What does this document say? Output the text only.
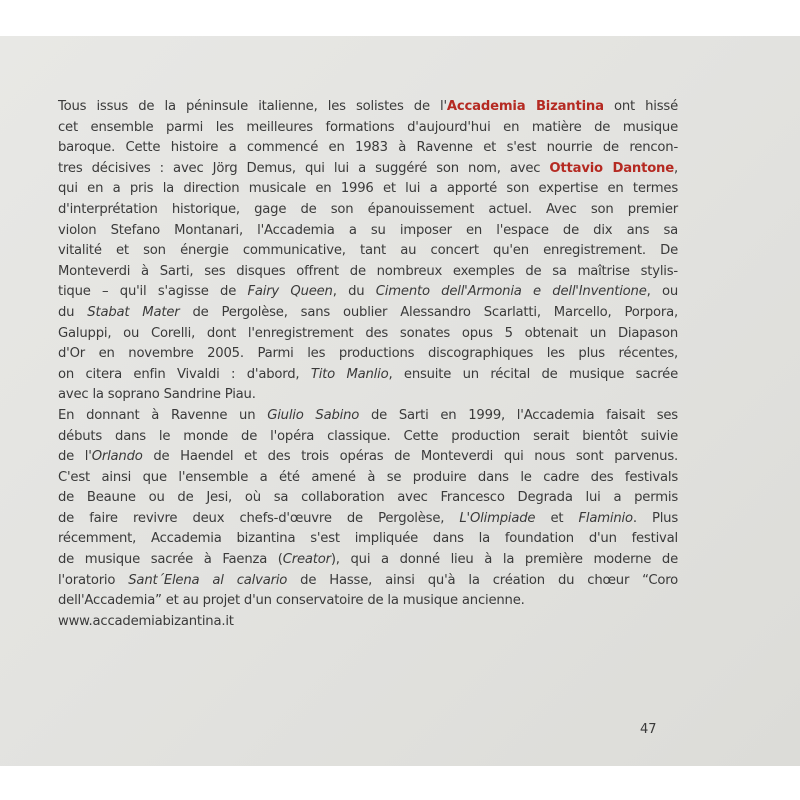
Tous issus de la péninsule italienne, les solistes de l'Accademia Bizantina ont hissé
cet ensemble parmi les meilleures formations d'aujourd'hui en matière de musique
baroque. Cette histoire a commencé en 1983 à Ravenne et s'est nourrie de rencon-
tres décisives : avec Jörg Demus, qui lui a suggéré son nom, avec Ottavio Dantone,
qui en a pris la direction musicale en 1996 et lui a apporté son expertise en termes
d'interprétation historique, gage de son épanouissement actuel. Avec son premier
violon Stefano Montanari, l'Accademia a su imposer en l'espace de dix ans sa
vitalité et son énergie communicative, tant au concert qu'en enregistrement. De
Monteverdi à Sarti, ses disques offrent de nombreux exemples de sa maîtrise stylis-
tique – qu'il s'agisse de Fairy Queen, du Cimento dell'Armonia e dell'Inventione, ou
du Stabat Mater de Pergolèse, sans oublier Alessandro Scarlatti, Marcello, Porpora,
Galuppi, ou Corelli, dont l'enregistrement des sonates opus 5 obtenait un Diapason
d'Or en novembre 2005. Parmi les productions discographiques les plus récentes,
on citera enfin Vivaldi : d'abord, Tito Manlio, ensuite un récital de musique sacrée
avec la soprano Sandrine Piau.
En donnant à Ravenne un Giulio Sabino de Sarti en 1999, l'Accademia faisait ses
débuts dans le monde de l'opéra classique. Cette production serait bientôt suivie
de l'Orlando de Haendel et des trois opéras de Monteverdi qui nous sont parvenus.
C'est ainsi que l'ensemble a été amené à se produire dans le cadre des festivals
de Beaune ou de Jesi, où sa collaboration avec Francesco Degrada lui a permis
de faire revivre deux chefs-d'œuvre de Pergolèse, L'Olimpiade et Flaminio. Plus
récemment, Accademia bizantina s'est impliquée dans la foundation d'un festival
de musique sacrée à Faenza (Creator), qui a donné lieu à la première moderne de
l'oratorio Sant´Elena al calvario de Hasse, ainsi qu'à la création du chœur “Coro
dell'Accademia” et au projet d'un conservatoire de la musique ancienne.
www.accademiabizantina.it
47
